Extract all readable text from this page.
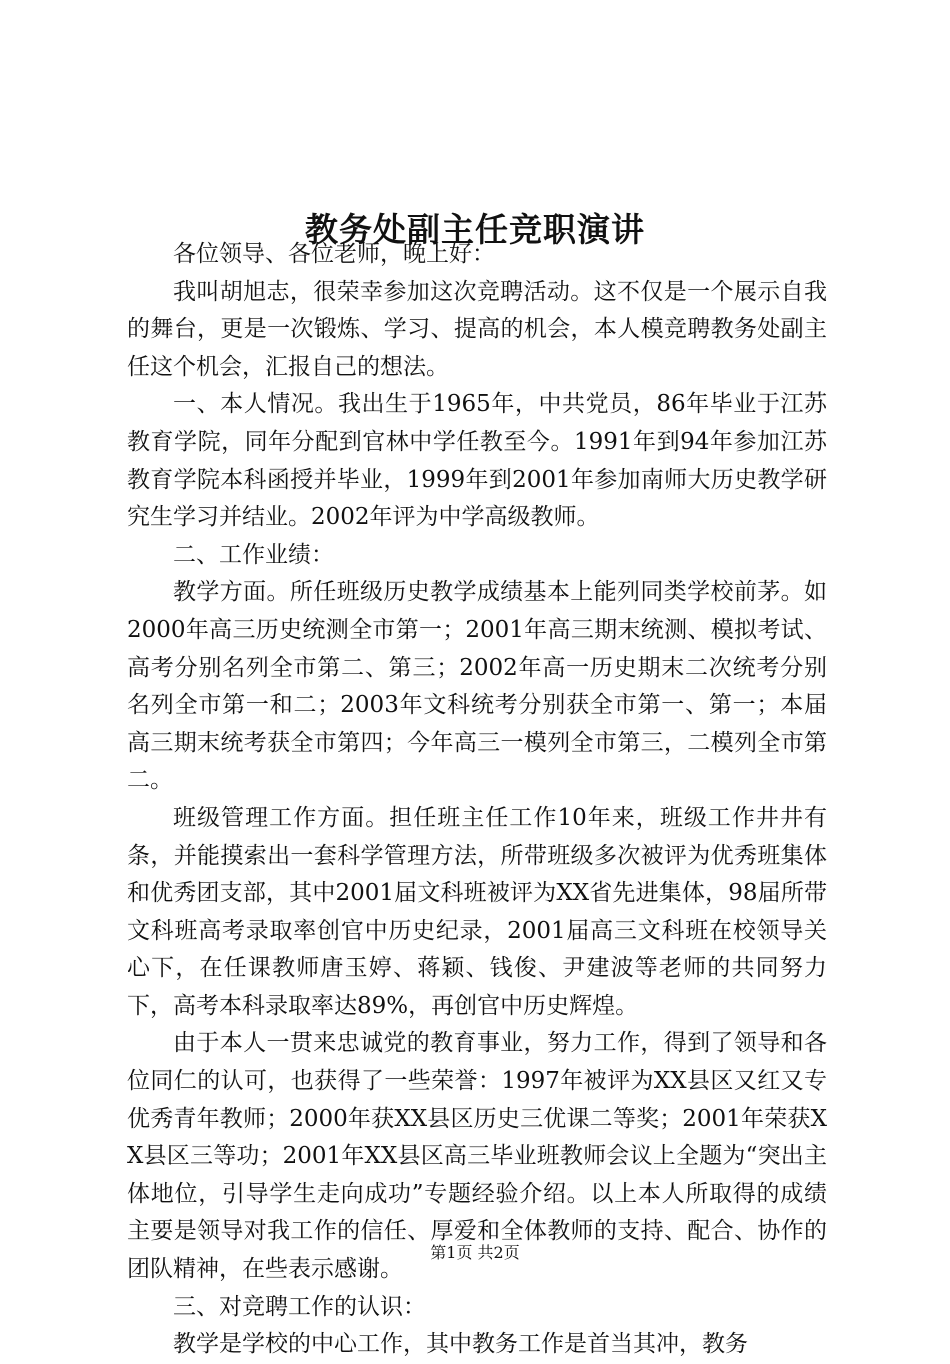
教务处副主任竞职演讲

各位领导、各位老师，晚上好：

我叫胡旭志，很荣幸参加这次竞聘活动。这不仅是一个展示自我的舞台，更是一次锻炼、学习、提高的机会，本人模竞聘教务处副主任这个机会，汇报自己的想法。

一、本人情况。我出生于1965年，中共党员，86年毕业于江苏教育学院，同年分配到官林中学任教至今。1991年到94年参加江苏教育学院本科函授并毕业，1999年到2001年参加南师大历史教学研究生学习并结业。2002年评为中学高级教师。

二、工作业绩：

教学方面。所任班级历史教学成绩基本上能列同类学校前茅。如2000年高三历史统测全市第一；2001年高三期末统测、模拟考试、高考分别名列全市第二、第三；2002年高一历史期末二次统考分别名列全市第一和二；2003年文科统考分别获全市第一、第一；本届高三期末统考获全市第四；今年高三一模列全市第三，二模列全市第二。

班级管理工作方面。担任班主任工作10年来，班级工作井井有条，并能摸索出一套科学管理方法，所带班级多次被评为优秀班集体和优秀团支部，其中2001届文科班被评为XX省先进集体，98届所带文科班高考录取率创官中历史纪录，2001届高三文科班在校领导关心下，在任课教师唐玉婷、蒋颖、钱俊、尹建波等老师的共同努力下，高考本科录取率达89%，再创官中历史辉煌。

由于本人一贯来忠诚党的教育事业，努力工作，得到了领导和各位同仁的认可，也获得了一些荣誉：1997年被评为XX县区又红又专优秀青年教师；2000年获XX县区历史三优课二等奖；2001年荣获XX县区三等功；2001年XX县区高三毕业班教师会议上全题为“突出主体地位，引导学生走向成功”专题经验介绍。以上本人所取得的成绩主要是领导对我工作的信任、厚爱和全体教师的支持、配合、协作的团队精神，在些表示感谢。

三、对竞聘工作的认识：

教学是学校的中心工作，其中教务工作是首当其冲，教务

第1页 共2页
